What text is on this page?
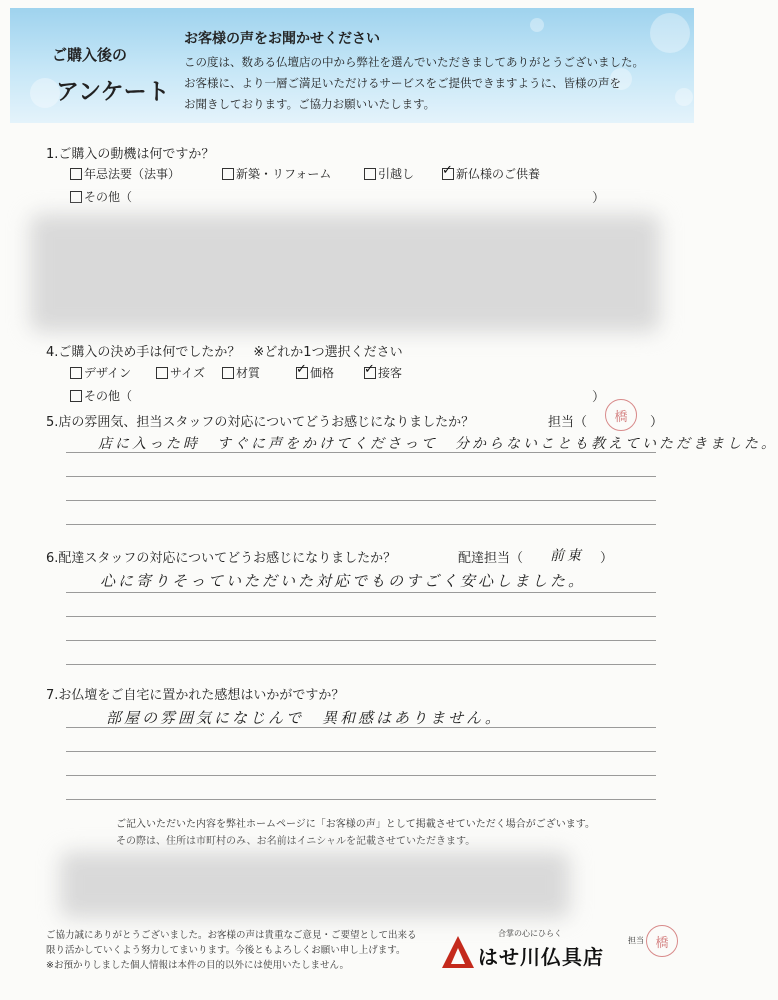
ご購入後の
アンケート
お客様の声をお聞かせください
この度は、数ある仏壇店の中から弊社を選んでいただきましてありがとうございました。
お客様に、より一層ご満足いただけるサービスをご提供できますように、皆様の声を
お聞きしております。ご協力お願いいたします。
1.ご購入の動機は何ですか？
年忌法要（法事）	新築・リフォーム	引越し ✓	新仏様のご供養
その他（	）
4.ご購入の決め手は何でしたか？　※どれか1つ選択ください
デザイン	サイズ	材質 ✓	価格 ✓	接客
その他（	）
5.店の雰囲気、担当スタッフの対応についてどうお感じになりましたか？	担当（	橋	）
店に入った時　すぐに声をかけてくださって　分からないことも教えていただきました。
6.配達スタッフの対応についてどうお感じになりましたか？	配達担当（ 前東 ）
心に寄りそっていただいた対応でものすごく安心しました。
7.お仏壇をご自宅に置かれた感想はいかがですか？
部屋の雰囲気になじんで　異和感はありません。
ご記入いただいた内容を弊社ホームページに「お客様の声」として掲載させていただく場合がございます。
その際は、住所は市町村のみ、お名前はイニシャルを記載させていただきます。
ご協力誠にありがとうございました。お客様の声は貴重なご意見・ご要望として出来る
限り活かしていくよう努力してまいります。今後ともよろしくお願い申し上げます。
※お預かりしました個人情報は本件の目的以外には使用いたしません。
合掌の心にひらく
はせ川仏具店
担当 橋
